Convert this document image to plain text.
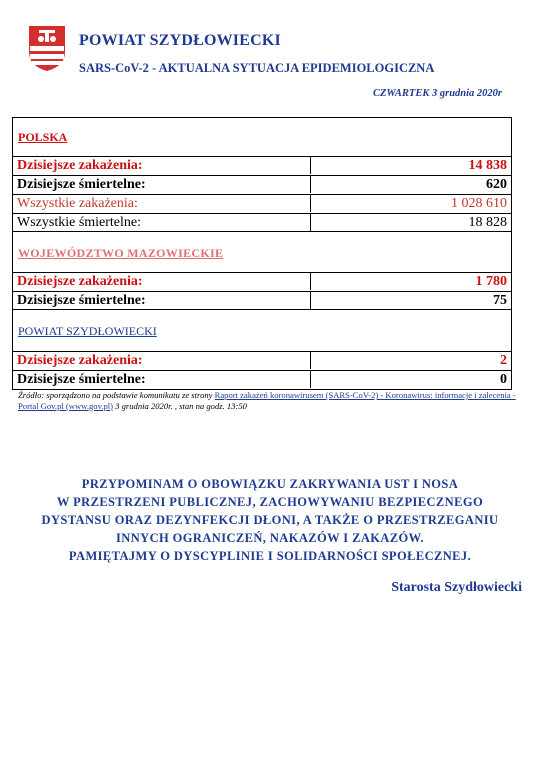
POWIAT SZYDŁOWIECKI
SARS-CoV-2 - AKTUALNA SYTUACJA EPIDEMIOLOGICZNA
CZWARTEK 3 grudnia 2020r
POLSKA
Dzisiejsze zakażenia:	14 838
Dzisiejsze śmiertelne:	620
Wszystkie zakażenia:	1 028 610
Wszystkie śmiertelne:	18 828
WOJEWÓDZTWO MAZOWIECKIE
Dzisiejsze zakażenia:	1 780
Dzisiejsze śmiertelne:	75
POWIAT SZYDŁOWIECKI
Dzisiejsze zakażenia:	2
Dzisiejsze śmiertelne:	0
Źródło: sporządzono na podstawie komunikatu ze strony Raport zakażeń koronawirusem (SARS-CoV-2) - Koronawirus: informacje i zalecenia - Portal Gov.pl (www.gov.pl) 3 grudnia 2020r. , stan na godz. 13:50
PRZYPOMINAM O OBOWIĄZKU ZAKRYWANIA UST I NOSA
W PRZESTRZENI PUBLICZNEJ, ZACHOWYWANIU BEZPIECZNEGO
DYSTANSU ORAZ DEZYNFEKCJI DŁONI, A TAKŻE O PRZESTRZEGANIU
INNYCH OGRANICZEŃ, NAKAZÓW I ZAKAZÓW.
PAMIĘTAJMY O DYSCYPLINIE I SOLIDARNOŚCI SPOŁECZNEJ.
Starosta Szydłowiecki
